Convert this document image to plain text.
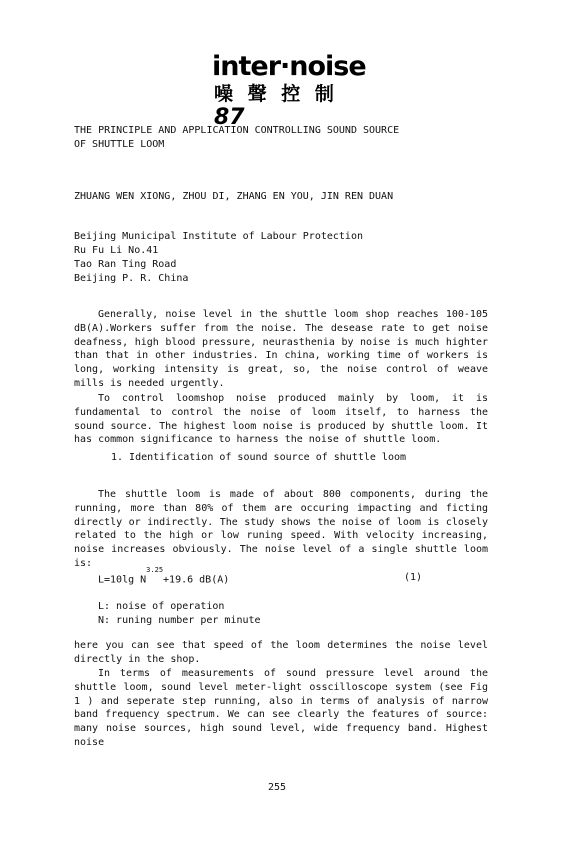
inter·noise
噪 聲 控 制 87
THE PRINCIPLE AND APPLICATION CONTROLLING SOUND SOURCE
OF SHUTTLE LOOM
ZHUANG WEN XIONG, ZHOU DI, ZHANG EN YOU, JIN REN DUAN
Beijing Municipal Institute of Labour Protection
Ru Fu Li No.41
Tao Ran Ting Road
Beijing P. R. China

Generally, noise level in the shuttle loom shop reaches 100-105 dB(A).Workers suffer from the noise. The desease rate to get noise deafness, high blood pressure, neurasthenia by noise is much highter than that in other industries. In china, working time of workers is long, working intensity is great, so, the noise control of weave mills is needed urgently.

To control loomshop noise produced mainly by loom, it is fundamental to control the noise of loom itself, to harness the sound source. The highest loom noise is produced by shuttle loom. It has common significance to harness the noise of shuttle loom.

1. Identification of sound source of shuttle loom

The shuttle loom is made of about 800 components, during the running, more than 80% of them are occuring impacting and ficting directly or indirectly. The study shows the noise of loom is closely related to the high or low runing speed. With velocity increasing, noise increases obviously. The noise level of a single shuttle loom is:

L=10lg $N^{3.25}+19.6$ dB(A)	(1)
L: noise of operation
N: runing number per minute

here you can see that speed of the loom determines the noise level directly in the shop.

In terms of measurements of sound pressure level around the shuttle loom, sound level meter-light osscilloscope system (see Fig 1 ) and seperate step running, also in terms of analysis of narrow band frequency spectrum. We can see clearly the features of source: many noise sources, high sound level, wide frequency band. Highest noise

255
